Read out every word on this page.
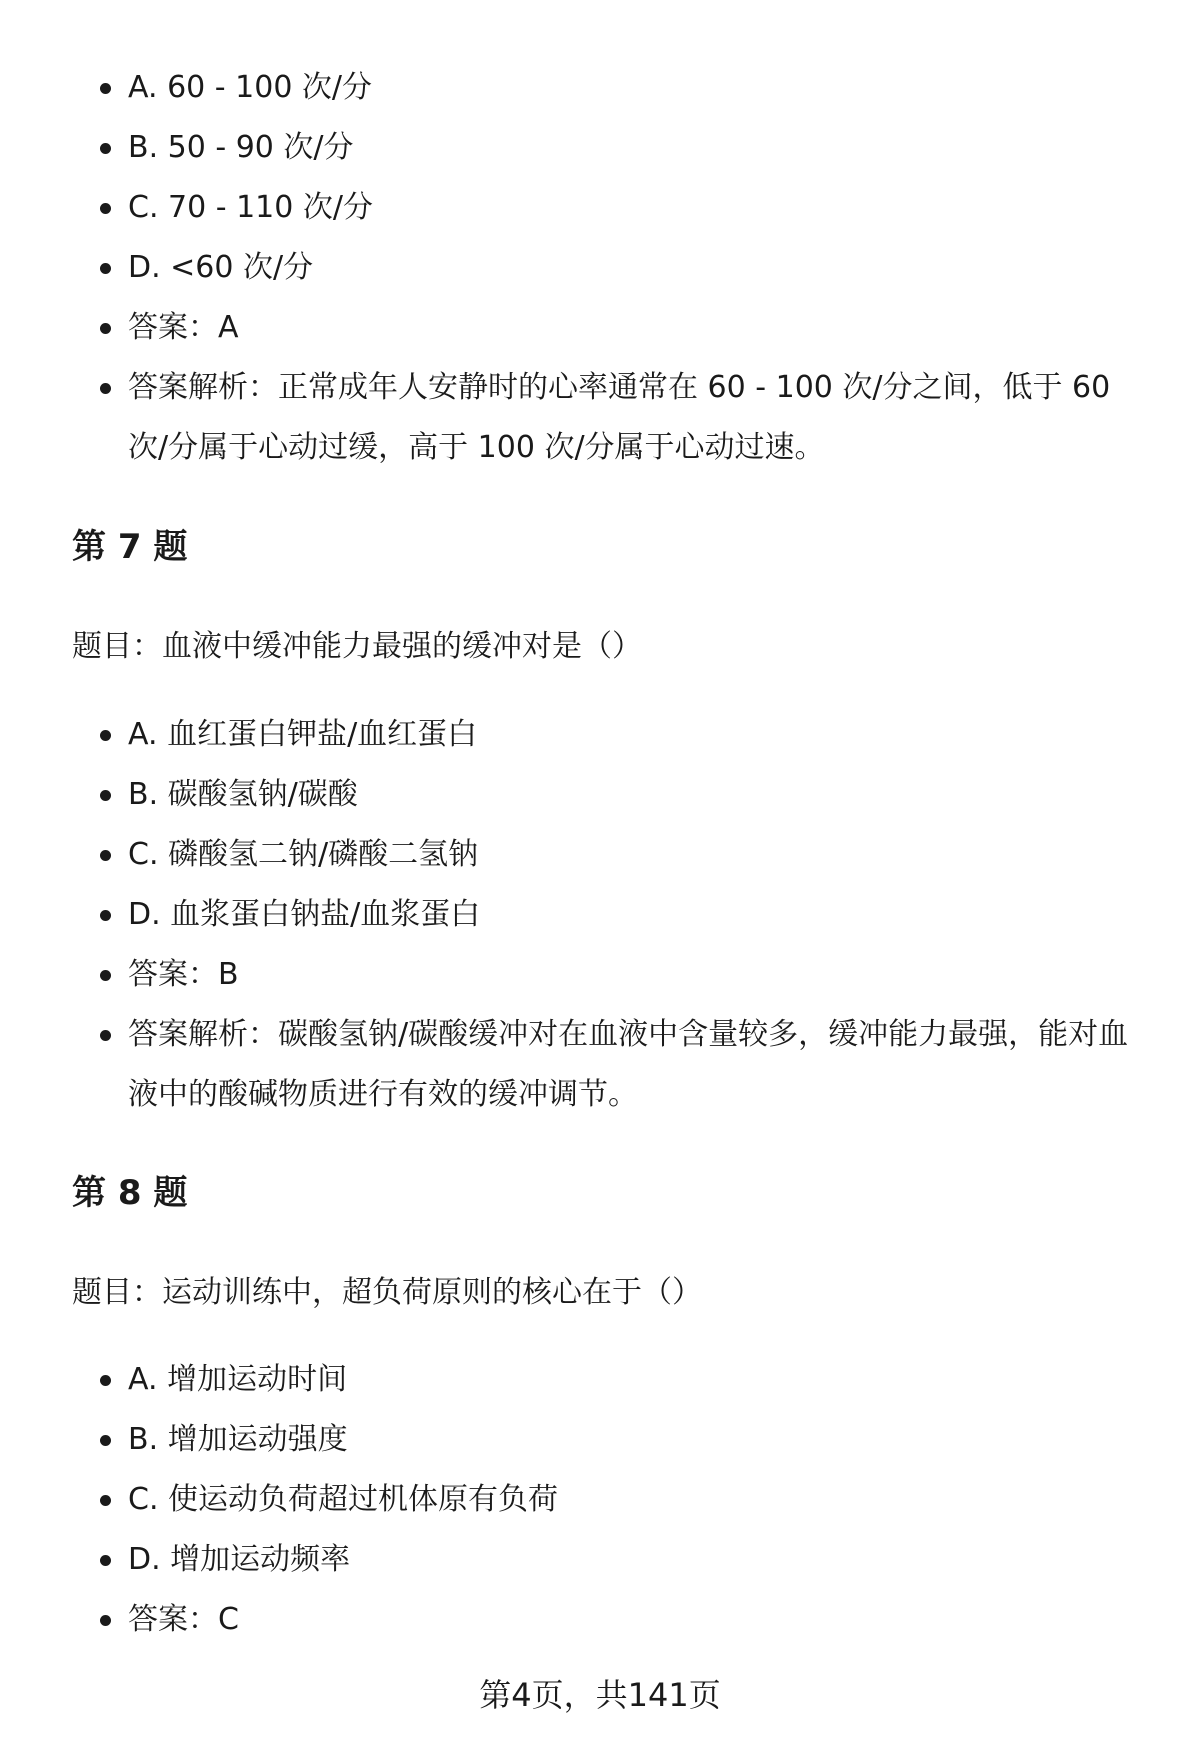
A. 60 - 100 次/分
B. 50 - 90 次/分
C. 70 - 110 次/分
D. <60 次/分
答案：A
答案解析：正常成年人安静时的心率通常在 60 - 100 次/分之间，低于 60 次/分属于心动过缓，高于 100 次/分属于心动过速。
第 7 题

题目：血液中缓冲能力最强的缓冲对是（）

A. 血红蛋白钾盐/血红蛋白
B. 碳酸氢钠/碳酸
C. 磷酸氢二钠/磷酸二氢钠
D. 血浆蛋白钠盐/血浆蛋白
答案：B
答案解析：碳酸氢钠/碳酸缓冲对在血液中含量较多，缓冲能力最强，能对血液中的酸碱物质进行有效的缓冲调节。
第 8 题

题目：运动训练中，超负荷原则的核心在于（）

A. 增加运动时间
B. 增加运动强度
C. 使运动负荷超过机体原有负荷
D. 增加运动频率
答案：C
第4页，共141页
